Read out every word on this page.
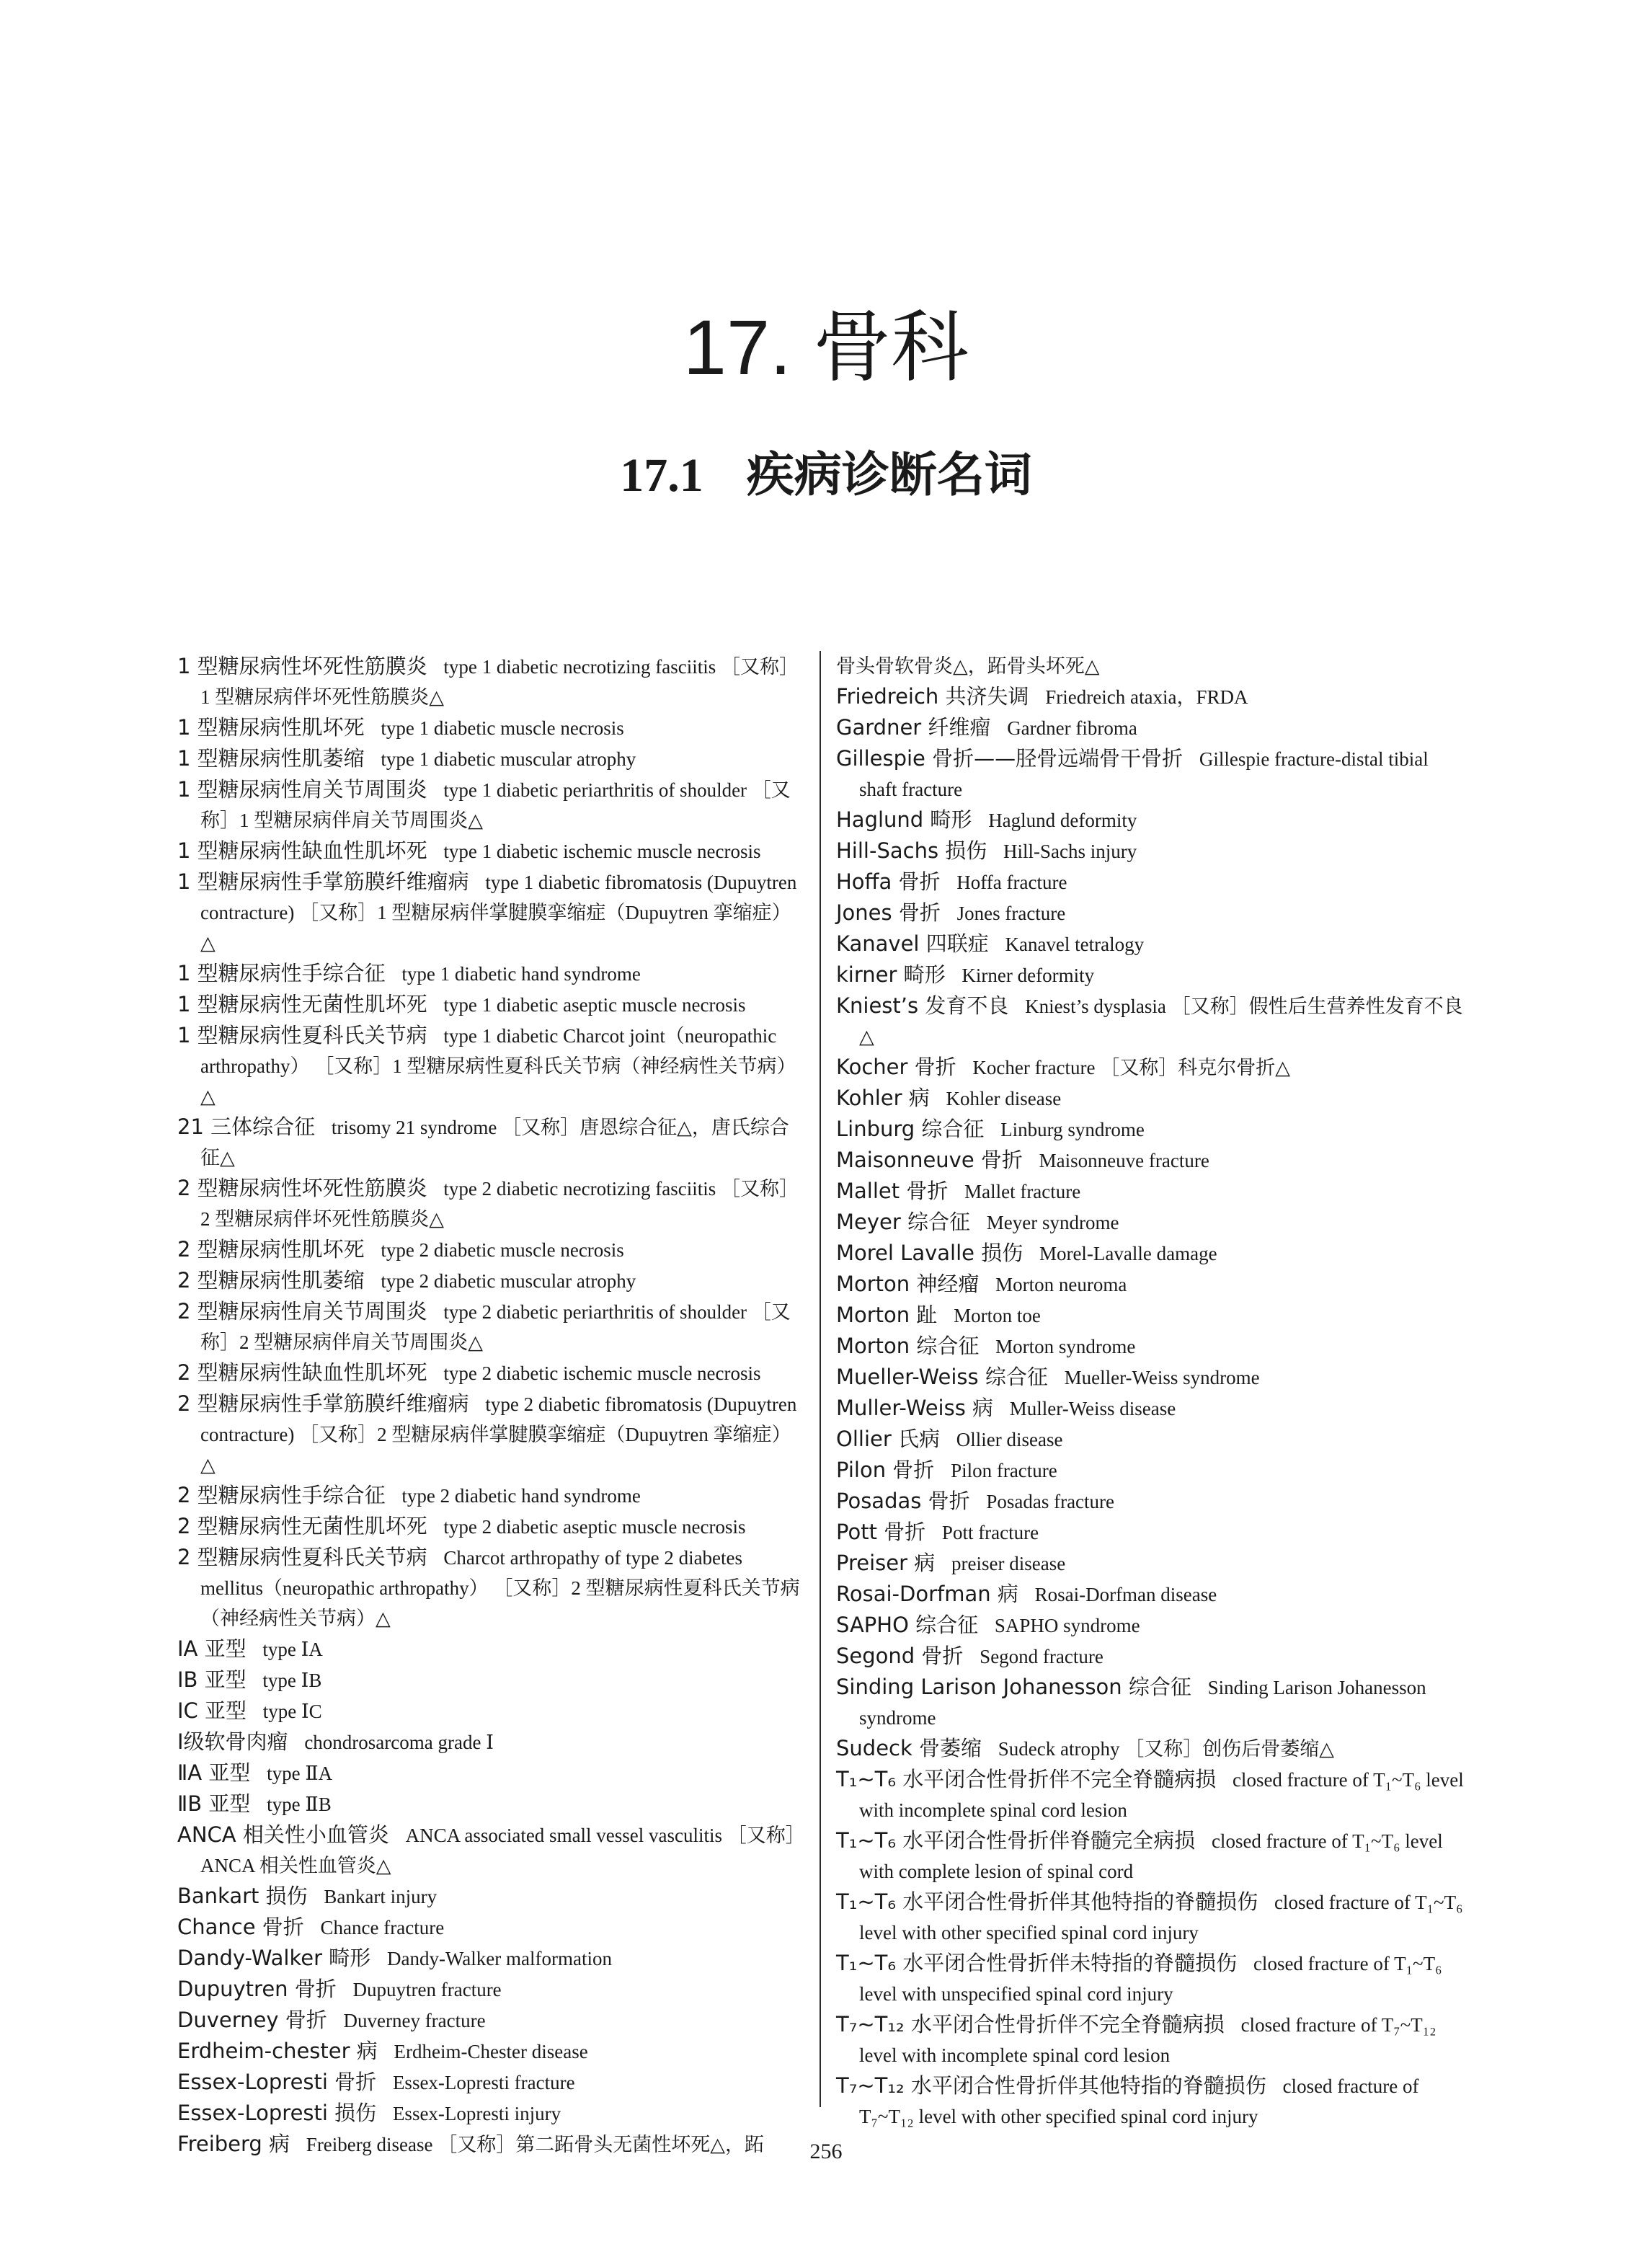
17. 骨科
17.1 疾病诊断名词

1 型糖尿病性坏死性筋膜炎 type 1 diabetic necrotizing fasciitis ［又称］1 型糖尿病伴坏死性筋膜炎△

1 型糖尿病性肌坏死 type 1 diabetic muscle necrosis

1 型糖尿病性肌萎缩 type 1 diabetic muscular atrophy

1 型糖尿病性肩关节周围炎 type 1 diabetic periarthritis of shoulder ［又称］1 型糖尿病伴肩关节周围炎△

1 型糖尿病性缺血性肌坏死 type 1 diabetic ischemic muscle necrosis

1 型糖尿病性手掌筋膜纤维瘤病 type 1 diabetic fibromatosis (Dupuytren contracture) ［又称］1 型糖尿病伴掌腱膜挛缩症（Dupuytren 挛缩症）△

1 型糖尿病性手综合征 type 1 diabetic hand syndrome

1 型糖尿病性无菌性肌坏死 type 1 diabetic aseptic muscle necrosis

1 型糖尿病性夏科氏关节病 type 1 diabetic Charcot joint（neuropathic arthropathy） ［又称］1 型糖尿病性夏科氏关节病（神经病性关节病）△

21 三体综合征 trisomy 21 syndrome ［又称］唐恩综合征△，唐氏综合征△

2 型糖尿病性坏死性筋膜炎 type 2 diabetic necrotizing fasciitis ［又称］2 型糖尿病伴坏死性筋膜炎△

2 型糖尿病性肌坏死 type 2 diabetic muscle necrosis

2 型糖尿病性肌萎缩 type 2 diabetic muscular atrophy

2 型糖尿病性肩关节周围炎 type 2 diabetic periarthritis of shoulder ［又称］2 型糖尿病伴肩关节周围炎△

2 型糖尿病性缺血性肌坏死 type 2 diabetic ischemic muscle necrosis

2 型糖尿病性手掌筋膜纤维瘤病 type 2 diabetic fibromatosis (Dupuytren contracture) ［又称］2 型糖尿病伴掌腱膜挛缩症（Dupuytren 挛缩症）△

2 型糖尿病性手综合征 type 2 diabetic hand syndrome

2 型糖尿病性无菌性肌坏死 type 2 diabetic aseptic muscle necrosis

2 型糖尿病性夏科氏关节病 Charcot arthropathy of type 2 diabetes mellitus（neuropathic arthropathy） ［又称］2 型糖尿病性夏科氏关节病（神经病性关节病）△

ⅠA 亚型 type ⅠA

ⅠB 亚型 type ⅠB

ⅠC 亚型 type ⅠC

Ⅰ级软骨肉瘤 chondrosarcoma grade Ⅰ

ⅡA 亚型 type ⅡA

ⅡB 亚型 type ⅡB

ANCA 相关性小血管炎 ANCA associated small vessel vasculitis ［又称］ANCA 相关性血管炎△

Bankart 损伤 Bankart injury

Chance 骨折 Chance fracture

Dandy-Walker 畸形 Dandy-Walker malformation

Dupuytren 骨折 Dupuytren fracture

Duverney 骨折 Duverney fracture

Erdheim-chester 病 Erdheim-Chester disease

Essex-Lopresti 骨折 Essex-Lopresti fracture

Essex-Lopresti 损伤 Essex-Lopresti injury

Freiberg 病 Freiberg disease ［又称］第二跖骨头无菌性坏死△，跖

骨头骨软骨炎△，跖骨头坏死△

Friedreich 共济失调 Friedreich ataxia，FRDA

Gardner 纤维瘤 Gardner fibroma

Gillespie 骨折——胫骨远端骨干骨折 Gillespie fracture-distal tibial shaft fracture

Haglund 畸形 Haglund deformity

Hill-Sachs 损伤 Hill-Sachs injury

Hoffa 骨折 Hoffa fracture

Jones 骨折 Jones fracture

Kanavel 四联症 Kanavel tetralogy

kirner 畸形 Kirner deformity

Kniest’s 发育不良 Kniest’s dysplasia ［又称］假性后生营养性发育不良△

Kocher 骨折 Kocher fracture ［又称］科克尔骨折△

Kohler 病 Kohler disease

Linburg 综合征 Linburg syndrome

Maisonneuve 骨折 Maisonneuve fracture

Mallet 骨折 Mallet fracture

Meyer 综合征 Meyer syndrome

Morel Lavalle 损伤 Morel-Lavalle damage

Morton 神经瘤 Morton neuroma

Morton 趾 Morton toe

Morton 综合征 Morton syndrome

Mueller-Weiss 综合征 Mueller-Weiss syndrome

Muller-Weiss 病 Muller-Weiss disease

Ollier 氏病 Ollier disease

Pilon 骨折 Pilon fracture

Posadas 骨折 Posadas fracture

Pott 骨折 Pott fracture

Preiser 病 preiser disease

Rosai-Dorfman 病 Rosai-Dorfman disease

SAPHO 综合征 SAPHO syndrome

Segond 骨折 Segond fracture

Sinding Larison Johanesson 综合征 Sinding Larison Johanesson syndrome

Sudeck 骨萎缩 Sudeck atrophy ［又称］创伤后骨萎缩△

T₁~T₆ 水平闭合性骨折伴不完全脊髓病损 closed fracture of T₁~T₆ level with incomplete spinal cord lesion

T₁~T₆ 水平闭合性骨折伴脊髓完全病损 closed fracture of T₁~T₆ level with complete lesion of spinal cord

T₁~T₆ 水平闭合性骨折伴其他特指的脊髓损伤 closed fracture of T₁~T₆ level with other specified spinal cord injury

T₁~T₆ 水平闭合性骨折伴未特指的脊髓损伤 closed fracture of T₁~T₆ level with unspecified spinal cord injury

T₇~T₁₂ 水平闭合性骨折伴不完全脊髓病损 closed fracture of T₇~T₁₂ level with incomplete spinal cord lesion

T₇~T₁₂ 水平闭合性骨折伴其他特指的脊髓损伤 closed fracture of T₇~T₁₂ level with other specified spinal cord injury

256
